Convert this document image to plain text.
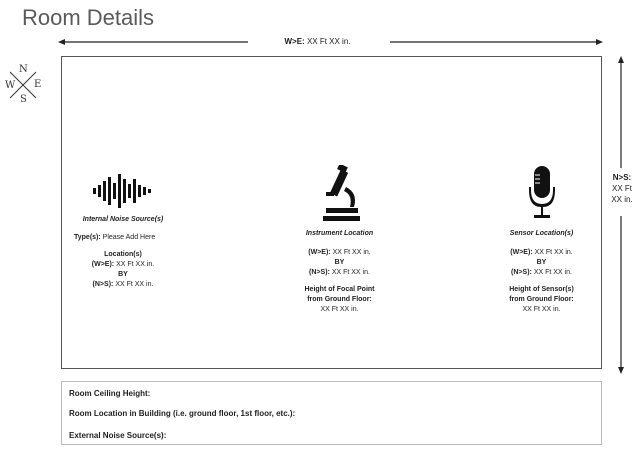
Room Details
N
E
W
S
W>E: XX Ft XX in.
N>S:
XX Ft
XX in.
Internal Noise Source(s)
Type(s): Please Add Here
Location(s)
(W>E): XX Ft XX in.
BY
(N>S): XX Ft XX in.
Instrument Location
(W>E): XX Ft XX in.
BY
(N>S): XX Ft XX in.
Height of Focal Point
from Ground Floor:
XX Ft XX in.
Sensor Location(s)
(W>E): XX Ft XX in.
BY
(N>S): XX Ft XX in.
Height of Sensor(s)
from Ground Floor:
XX Ft XX in.
Room Ceiling Height:
Room Location in Building (i.e. ground floor, 1st floor, etc.):
External Noise Source(s):
